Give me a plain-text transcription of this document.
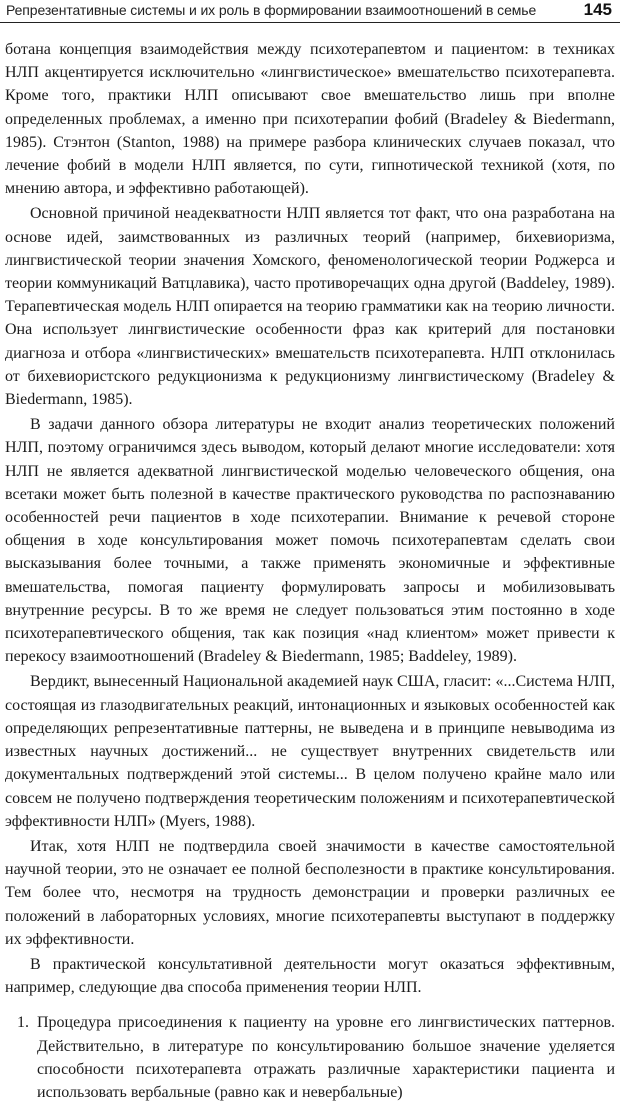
Репрезентативные системы и их роль в формировании взаимоотношений в семье	145

ботана концепция взаимодействия между психотерапевтом и пациентом: в техниках НЛП акцентируется исключительно «лингвистическое» вмешательство психотерапевта. Кроме того, практики НЛП описывают свое вмешательство лишь при вполне определенных проблемах, а именно при психотерапии фобий (Bradeley & Biedermann, 1985). Стэнтон (Stanton, 1988) на примере разбора клинических случаев показал, что лечение фобий в модели НЛП является, по сути, гипнотической техникой (хотя, по мнению автора, и эффективно работающей).

Основной причиной неадекватности НЛП является тот факт, что она разработана на основе идей, заимствованных из различных теорий (например, бихевиоризма, лингвистической теории значения Хомского, феноменологической теории Роджерса и теории коммуникаций Ватцлавика), часто противоречащих одна другой (Baddeley, 1989). Терапевтическая модель НЛП опирается на теорию грамматики как на теорию личности. Она использует лингвистические особенности фраз как критерий для постановки диагноза и отбора «лингвистических» вмешательств психотерапевта. НЛП отклонилась от бихевиористского редукционизма к редукционизму лингвистическому (Bradeley & Biedermann, 1985).

В задачи данного обзора литературы не входит анализ теоретических положений НЛП, поэтому ограничимся здесь выводом, который делают многие исследователи: хотя НЛП не является адекватной лингвистической моделью человеческого общения, она всетаки может быть полезной в качестве практического руководства по распознаванию особенностей речи пациентов в ходе психотерапии. Внимание к речевой стороне общения в ходе консультирования может помочь психотерапевтам сделать свои высказывания более точными, а также применять экономичные и эффективные вмешательства, помогая пациенту формулировать запросы и мобилизовывать внутренние ресурсы. В то же время не следует пользоваться этим постоянно в ходе психотерапевтического общения, так как позиция «над клиентом» может привести к перекосу взаимоотношений (Bradeley & Biedermann, 1985; Baddeley, 1989).

Вердикт, вынесенный Национальной академией наук США, гласит: «...Система НЛП, состоящая из глазодвигательных реакций, интонационных и языковых особенностей как определяющих репрезентативные паттерны, не выведена и в принципе невыводима из известных научных достижений... не существует внутренних свидетельств или документальных подтверждений этой системы... В целом получено крайне мало или совсем не получено подтверждения теоретическим положениям и психотерапевтической эффективности НЛП» (Myers, 1988).

Итак, хотя НЛП не подтвердила своей значимости в качестве самостоятельной научной теории, это не означает ее полной бесполезности в практике консультирования. Тем более что, несмотря на трудность демонстрации и проверки различных ее положений в лабораторных условиях, многие психотерапевты выступают в поддержку их эффективности.

В практической консультативной деятельности могут оказаться эффективным, например, следующие два способа применения теории НЛП.

1. Процедура присоединения к пациенту на уровне его лингвистических паттернов. Действительно, в литературе по консультированию большое значение уделяется способности психотерапевта отражать различные характеристики пациента и использовать вербальные (равно как и невербальные)
